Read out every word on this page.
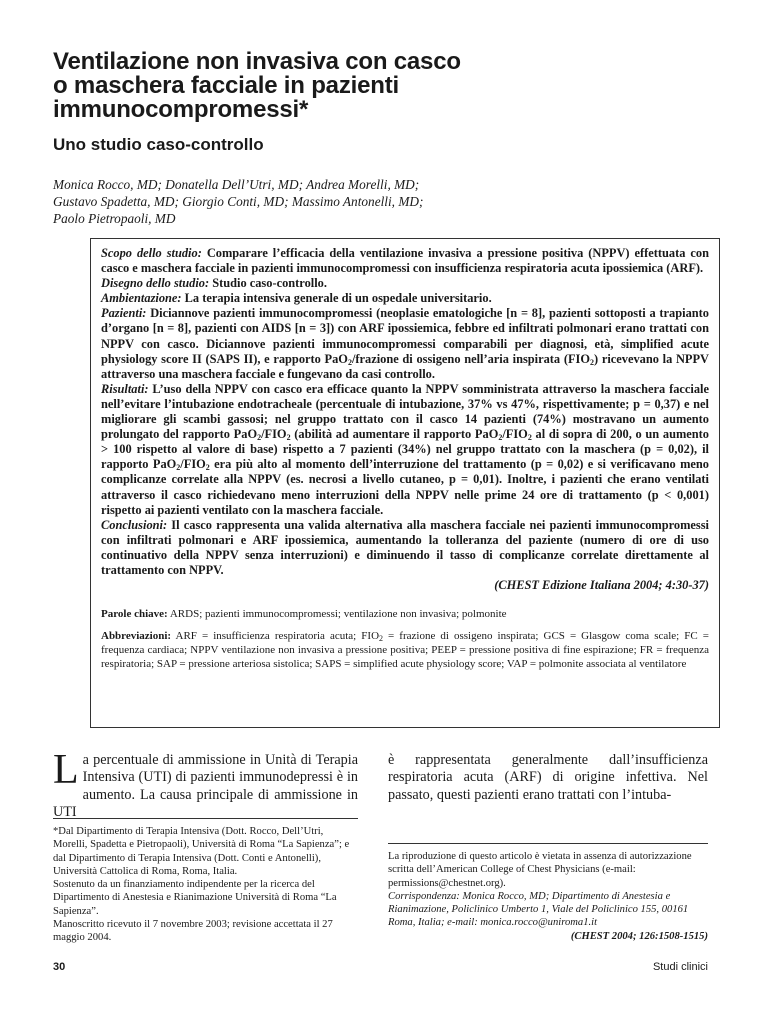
Ventilazione non invasiva con casco
o maschera facciale in pazienti
immunocompromessi*
Uno studio caso-controllo
Monica Rocco, MD; Donatella Dell’Utri, MD; Andrea Morelli, MD;
Gustavo Spadetta, MD; Giorgio Conti, MD; Massimo Antonelli, MD;
Paolo Pietropaoli, MD
Scopo dello studio: Comparare l’efficacia della ventilazione invasiva a pressione positiva (NPPV) effettuata con casco e maschera facciale in pazienti immunocompromessi con insufficienza respiratoria acuta ipossiemica (ARF).
Disegno dello studio: Studio caso-controllo.
Ambientazione: La terapia intensiva generale di un ospedale universitario.
Pazienti: Diciannove pazienti immunocompromessi (neoplasie ematologiche [n = 8], pazienti sottoposti a trapianto d’organo [n = 8], pazienti con AIDS [n = 3]) con ARF ipossiemica, febbre ed infiltrati polmonari erano trattati con NPPV con casco. Diciannove pazienti immunocompromessi comparabili per diagnosi, età, simplified acute physiology score II (SAPS II), e rapporto PaO$_2$/frazione di ossigeno nell’aria inspirata $(FIO_2)$ ricevevano la NPPV attraverso una maschera facciale e fungevano da casi controllo.
Risultati: L’uso della NPPV con casco era efficace quanto la NPPV somministrata attraverso la maschera facciale nell’evitare l’intubazione endotracheale (percentuale di intubazione, 37% vs 47%, rispettivamente; p = 0,37) e nel migliorare gli scambi gassosi; nel gruppo trattato con il casco 14 pazienti (74%) mostravano un aumento prolungato del rapporto $PaO_2/FIO_2$ (abilità ad aumentare il rapporto $PaO_2/FIO_2$ al di sopra di 200, o un aumento > 100 rispetto al valore di base) rispetto a 7 pazienti (34%) nel gruppo trattato con la maschera (p = 0,02), il rapporto $PaO_2/FIO_2$ era più alto al momento dell’interruzione del trattamento (p = 0,02) e si verificavano meno complicanze correlate alla NPPV (es. necrosi a livello cutaneo, p = 0,01). Inoltre, i pazienti che erano ventilati attraverso il casco richiedevano meno interruzioni della NPPV nelle prime 24 ore di trattamento (p < 0,001) rispetto ai pazienti ventilato con la maschera facciale.
Conclusioni: Il casco rappresenta una valida alternativa alla maschera facciale nei pazienti immunocompromessi con infiltrati polmonari e ARF ipossiemica, aumentando la tolleranza del paziente (numero di ore di uso continuativo della NPPV senza interruzioni) e diminuendo il tasso di complicanze correlate direttamente al trattamento con NPPV.
(CHEST Edizione Italiana 2004; 4:30-37)
Parole chiave: ARDS; pazienti immunocompromessi; ventilazione non invasiva; polmonite
Abbreviazioni: ARF = insufficienza respiratoria acuta; $FIO_2$ = frazione di ossigeno inspirata; GCS = Glasgow coma scale; FC = frequenza cardiaca; NPPV ventilazione non invasiva a pressione positiva; PEEP = pressione positiva di fine espirazione; FR = frequenza respiratoria; SAP = pressione arteriosa sistolica; SAPS = simplified acute physiology score; VAP = polmonite associata al ventilatore
La percentuale di ammissione in Unità di Terapia Intensiva (UTI) di pazienti immunodepressi è in aumento. La causa principale di ammissione in UTI
è rappresentata generalmente dall’insufficienza respiratoria acuta (ARF) di origine infettiva. Nel passato, questi pazienti erano trattati con l’intuba-

*Dal Dipartimento di Terapia Intensiva (Dott. Rocco, Dell’Utri, Morelli, Spadetta e Pietropaoli), Università di Roma “La Sapienza”; e dal Dipartimento di Terapia Intensiva (Dott. Conti e Antonelli), Università Cattolica di Roma, Roma, Italia.

Sostenuto da un finanziamento indipendente per la ricerca del Dipartimento di Anestesia e Rianimazione Università di Roma “La Sapienza”.

Manoscritto ricevuto il 7 novembre 2003; revisione accettata il 27 maggio 2004.

La riproduzione di questo articolo è vietata in assenza di autorizzazione scritta dell’American College of Chest Physicians (e-mail: permissions@chestnet.org).

Corrispondenza: Monica Rocco, MD; Dipartimento di Anestesia e Rianimazione, Policlinico Umberto 1, Viale del Policlinico 155, 00161 Roma, Italia; e-mail: monica.rocco@uniroma1.it

(CHEST 2004; 126:1508-1515)

30	Studi clinici
